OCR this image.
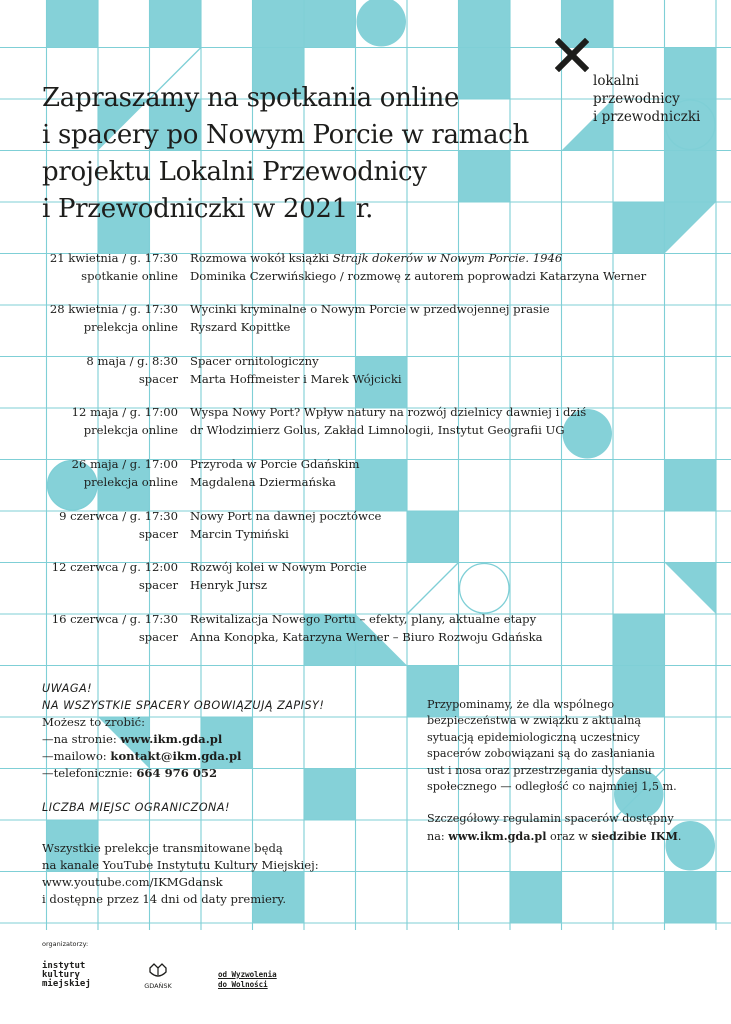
lokalni
przewodnicy
i przewodniczki
Zapraszamy na spotkania online
i spacery po Nowym Porcie w ramach
projektu Lokalni Przewodnicy
i Przewodniczki w 2021 r.
21 kwietnia / g. 17:30
spotkanie online
Rozmowa wokół książki Strajk dokerów w Nowym Porcie. 1946
Dominika Czerwińskiego / rozmowę z autorem poprowadzi Katarzyna Werner
28 kwietnia / g. 17:30
prelekcja online
Wycinki kryminalne o Nowym Porcie w przedwojennej prasie
Ryszard Kopittke
8 maja / g. 8:30
spacer
Spacer ornitologiczny
Marta Hoffmeister i Marek Wójcicki
12 maja / g. 17:00
prelekcja online
Wyspa Nowy Port? Wpływ natury na rozwój dzielnicy dawniej i dziś
dr Włodzimierz Golus, Zakład Limnologii, Instytut Geografii UG
26 maja / g. 17:00
prelekcja online
Przyroda w Porcie Gdańskim
Magdalena Dziermańska
9 czerwca / g. 17:30
spacer
Nowy Port na dawnej pocztówce
Marcin Tymiński
12 czerwca / g. 12:00
spacer
Rozwój kolei w Nowym Porcie
Henryk Jursz
16 czerwca / g. 17:30
spacer
Rewitalizacja Nowego Portu – efekty, plany, aktualne etapy
Anna Konopka, Katarzyna Werner – Biuro Rozwoju Gdańska
UWAGA!
NA WSZYSTKIE SPACERY OBOWIĄZUJĄ ZAPISY!
Możesz to zrobić:
—na stronie: www.ikm.gda.pl
—mailowo: kontakt@ikm.gda.pl
—telefonicznie: 664 976 052
LICZBA MIEJSC OGRANICZONA!
Przypominamy, że dla wspólnego
bezpieczeństwa w związku z aktualną
sytuacją epidemiologiczną uczestnicy
spacerów zobowiązani są do zasłaniania
ust i nosa oraz przestrzegania dystansu
społecznego — odległość co najmniej 1,5 m.
Szczegółowy regulamin spacerów dostępny
na: www.ikm.gda.pl oraz w siedzibie IKM.
Wszystkie prelekcje transmitowane będą
na kanale YouTube Instytutu Kultury Miejskiej:
www.youtube.com/IKMGdansk
i dostępne przez 14 dni od daty premiery.
organizatorzy:
instytut
kultury
miejskiej	GDAŃSK
od Wyzwolenia
do Wolności
